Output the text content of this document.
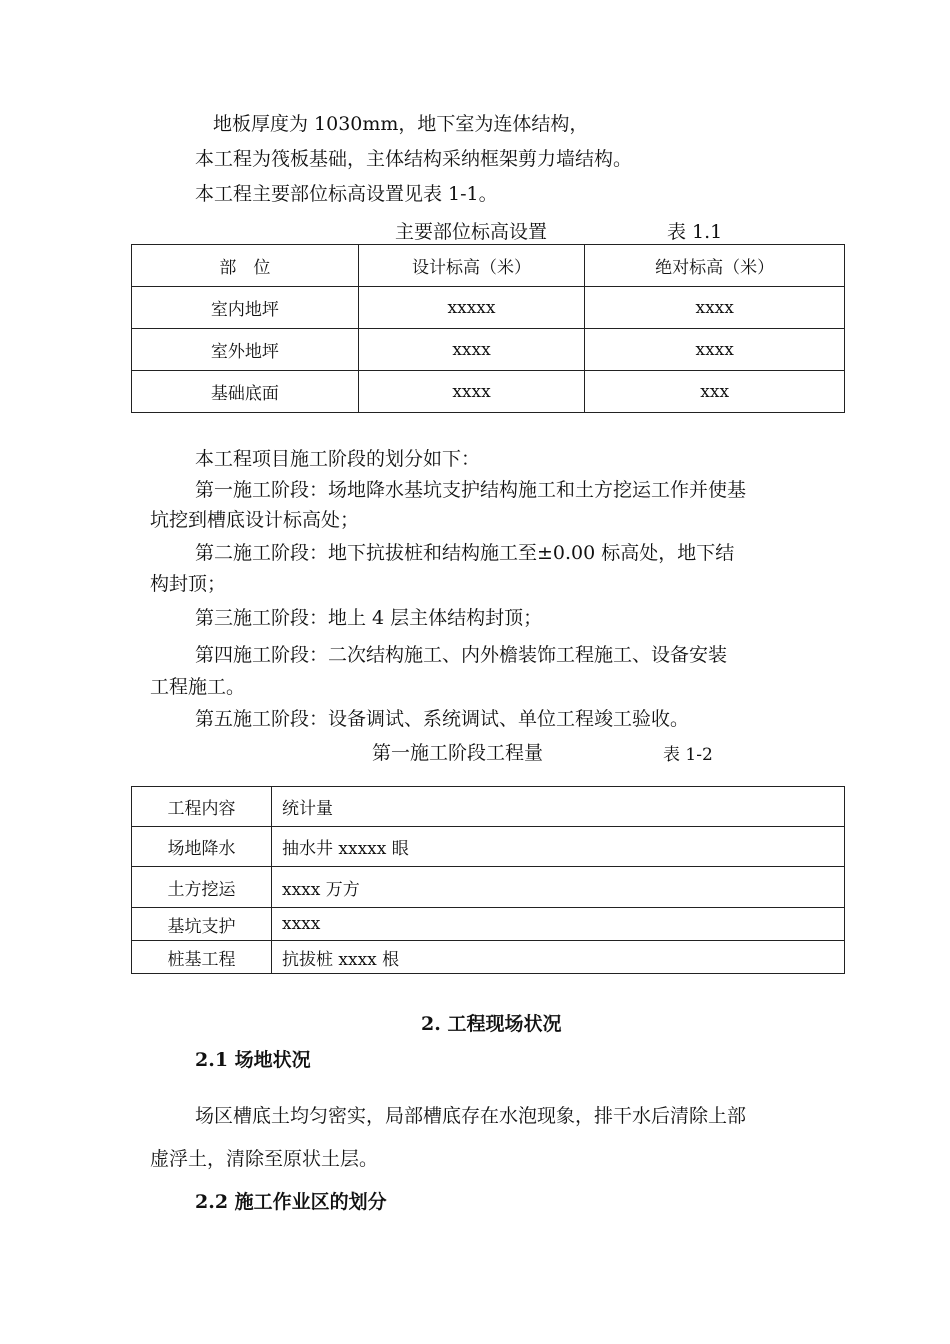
地板厚度为 1030mm，地下室为连体结构，
本工程为筏板基础，主体结构采纳框架剪力墙结构。
本工程主要部位标高设置见表 1-1。
主要部位标高设置	表 1.1
部　位	设计标高（米）	绝对标高（米）
室内地坪	xxxxx	xxxx
室外地坪	xxxx	xxxx
基础底面	xxxx	xxx
本工程项目施工阶段的划分如下：
第一施工阶段：场地降水基坑支护结构施工和土方挖运工作并使基
坑挖到槽底设计标高处；
第二施工阶段：地下抗拔桩和结构施工至±0.00 标高处，地下结
构封顶；
第三施工阶段：地上 4 层主体结构封顶；
第四施工阶段：二次结构施工、内外檐装饰工程施工、设备安装
工程施工。
第五施工阶段：设备调试、系统调试、单位工程竣工验收。
第一施工阶段工程量	表 1-2
工程内容	统计量
场地降水	抽水井 xxxxx 眼
土方挖运	xxxx 万方
基坑支护	xxxx
桩基工程	抗拔桩 xxxx 根
2. 工程现场状况
2.1 场地状况
场区槽底土均匀密实，局部槽底存在水泡现象，排干水后清除上部
虚浮土，清除至原状土层。
2.2 施工作业区的划分
